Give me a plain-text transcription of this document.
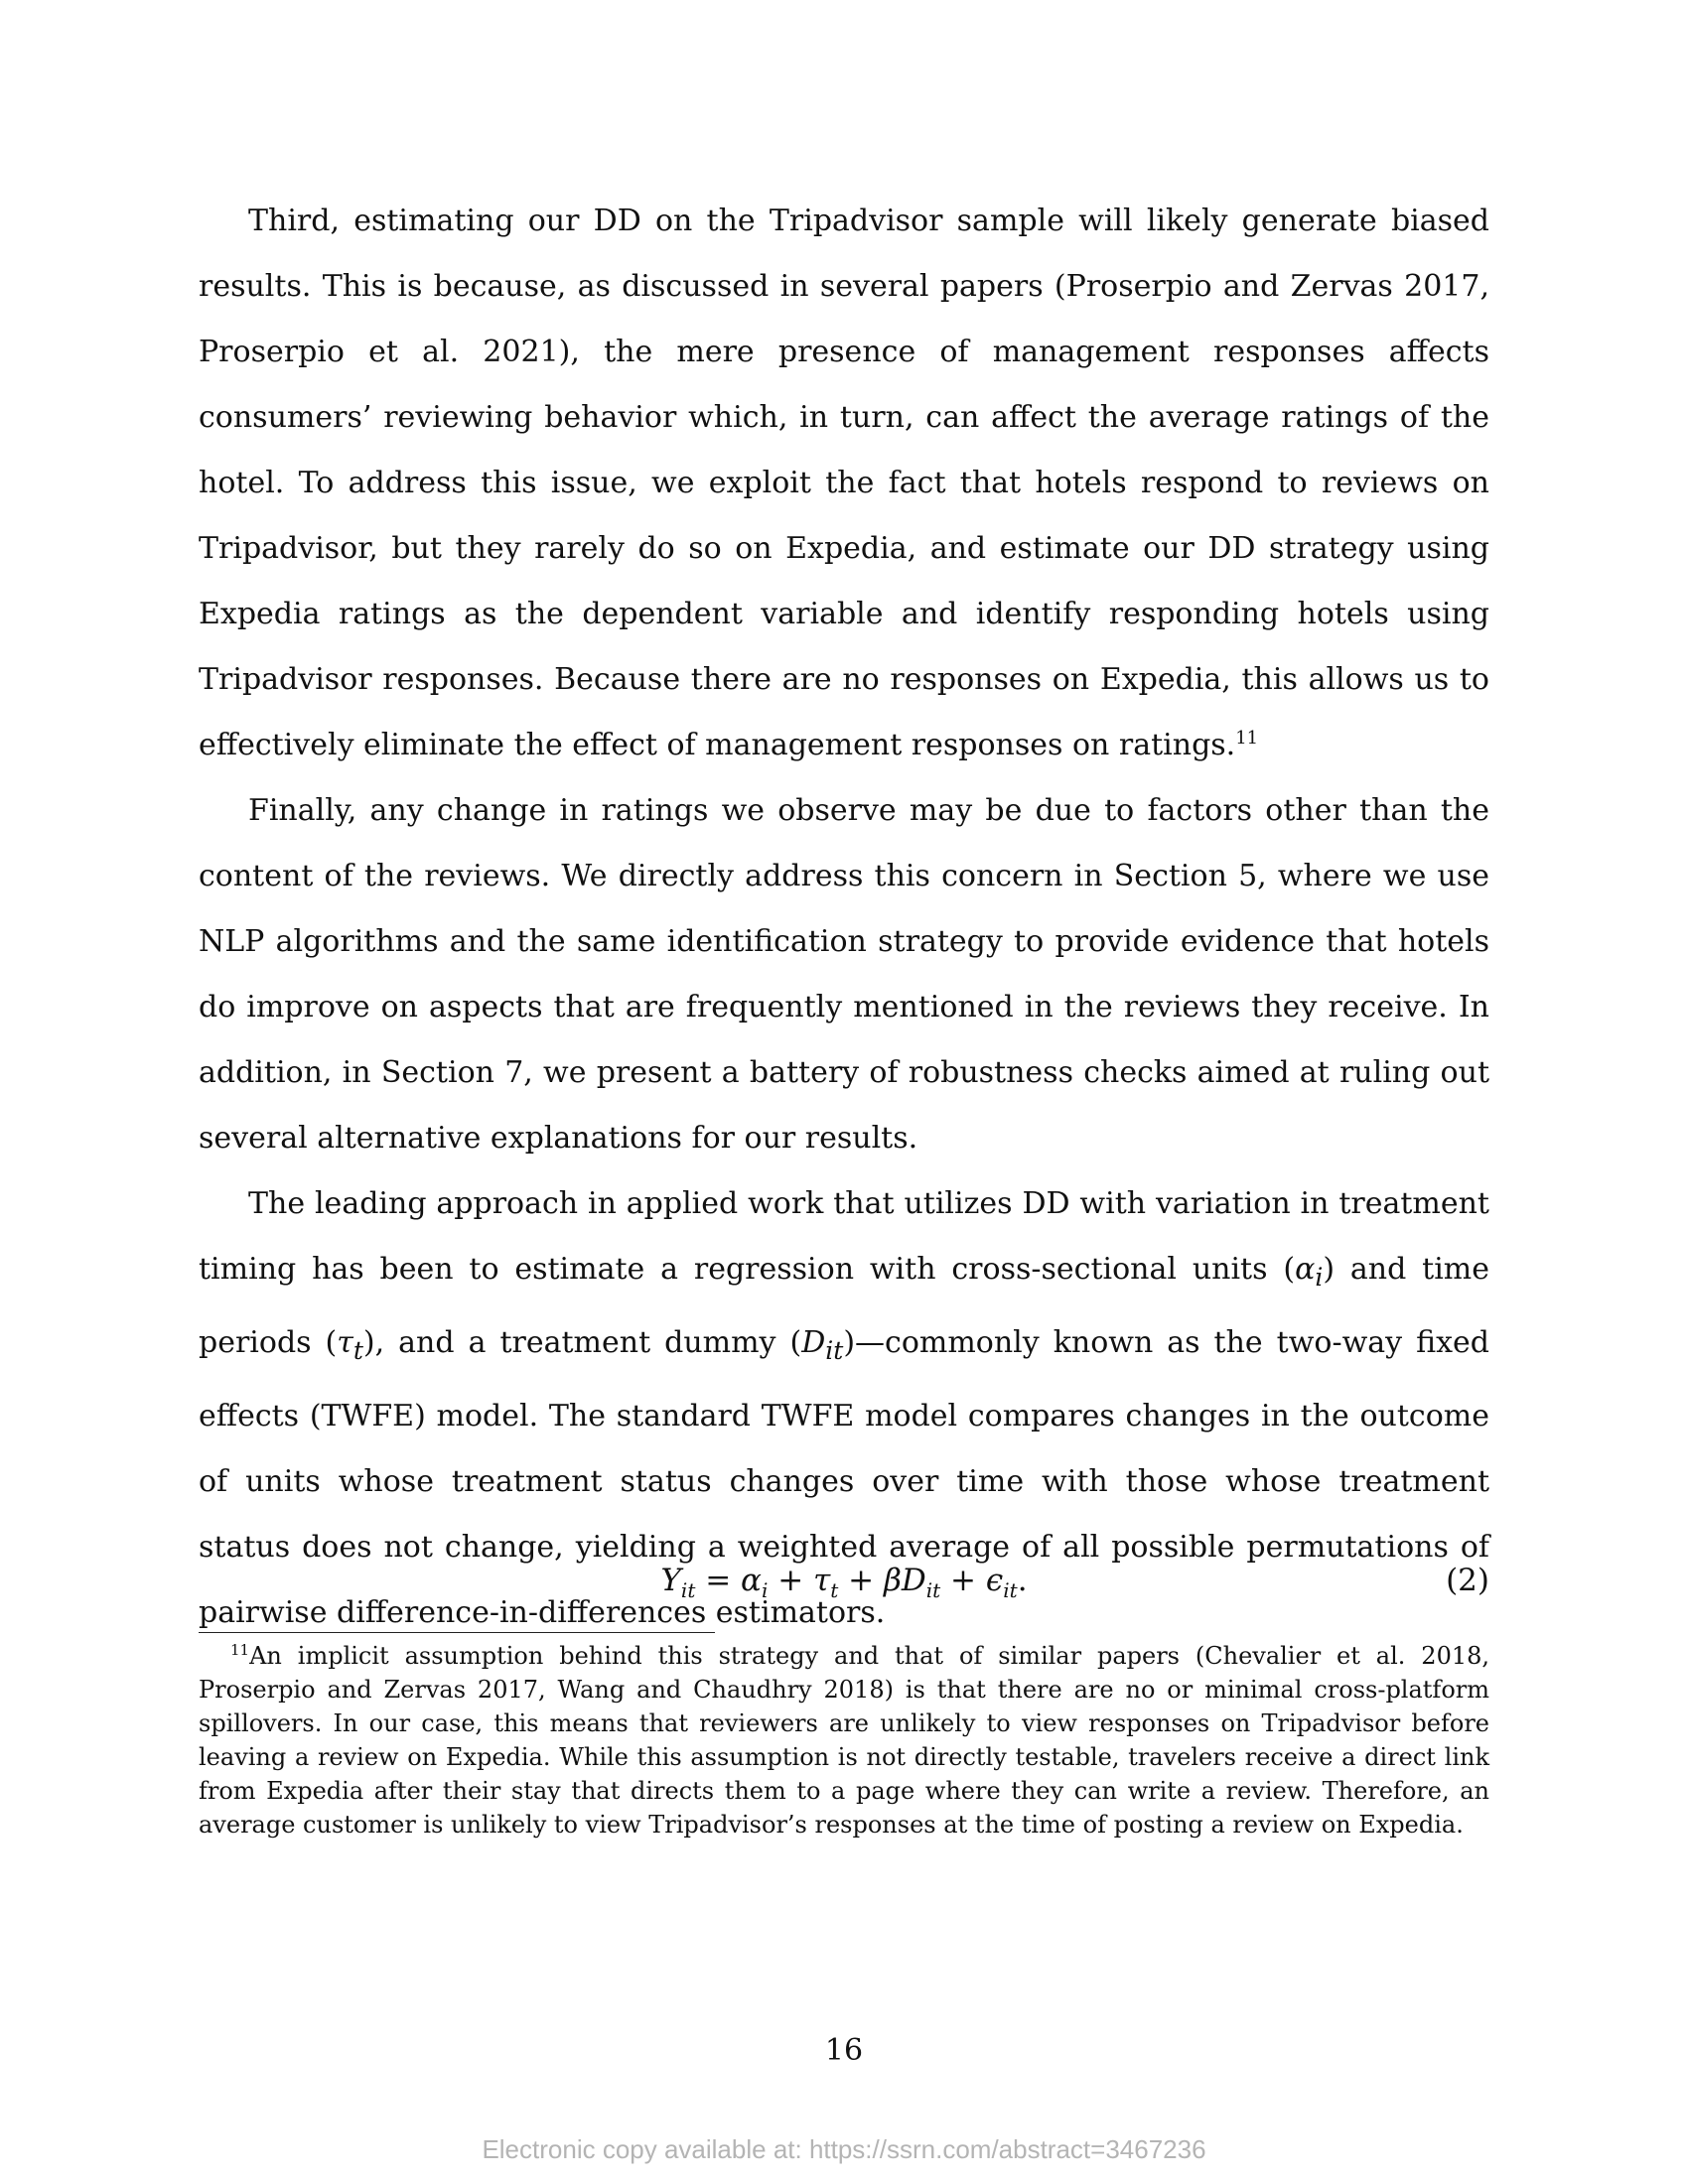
Third, estimating our DD on the Tripadvisor sample will likely generate biased results. This is because, as discussed in several papers (Proserpio and Zervas 2017, Proserpio et al. 2021), the mere presence of management responses affects consumers’ reviewing behavior which, in turn, can affect the average ratings of the hotel. To address this issue, we exploit the fact that hotels respond to reviews on Tripadvisor, but they rarely do so on Expedia, and estimate our DD strategy using Expedia ratings as the dependent variable and identify responding hotels using Tripadvisor responses. Because there are no responses on Expedia, this allows us to effectively eliminate the effect of management responses on ratings.$^{11}$

Finally, any change in ratings we observe may be due to factors other than the content of the reviews. We directly address this concern in Section 5, where we use NLP algorithms and the same identification strategy to provide evidence that hotels do improve on aspects that are frequently mentioned in the reviews they receive. In addition, in Section 7, we present a battery of robustness checks aimed at ruling out several alternative explanations for our results.

The leading approach in applied work that utilizes DD with variation in treatment timing has been to estimate a regression with cross-sectional units $(\alpha_i)$ and time periods $(\tau_t)$, and a treatment dummy $(D_{it})—commonly$ known as the two-way fixed effects (TWFE) model. The standard TWFE model compares changes in the outcome of units whose treatment status changes over time with those whose treatment status does not change, yielding a weighted average of all possible permutations of pairwise difference-in-differences estimators.

$Y_{it} = \alpha_i + \tau_t + \beta D_{it} + \epsilon_{it}$.	(2)

$^{11}$An implicit assumption behind this strategy and that of similar papers (Chevalier et al. 2018, Proserpio and Zervas 2017, Wang and Chaudhry 2018) is that there are no or minimal cross-platform spillovers. In our case, this means that reviewers are unlikely to view responses on Tripadvisor before leaving a review on Expedia. While this assumption is not directly testable, travelers receive a direct link from Expedia after their stay that directs them to a page where they can write a review. Therefore, an average customer is unlikely to view Tripadvisor’s responses at the time of posting a review on Expedia.

16
Electronic copy available at: https://ssrn.com/abstract=3467236
